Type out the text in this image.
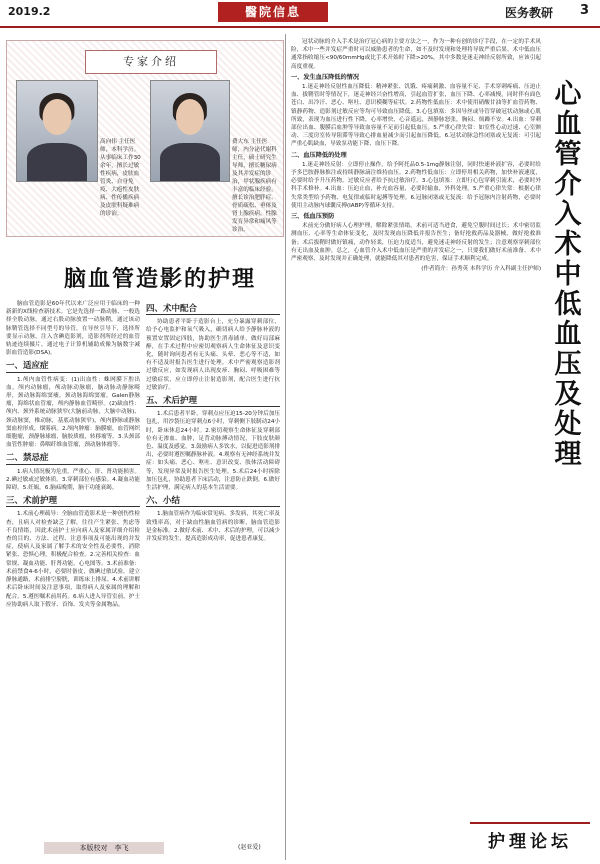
2019.2	醫院信息	医务教研 3
专家介绍
高向伟 主任医师，本科学历。从事临床工作30余年，擅长过敏性疾病，皮肤血管炎、自身免疫、大疱性皮肤病、性传播疾病及皮肤科疑难病的诊治。
费大东 主任医师，内分泌代谢科主任，硕士研究生导师，擅长糖尿病及其并发症的诊治，甲状腺疾病有丰富的临床经验，擅长诊治肥胖症、骨质疏松、垂体及肾上腺疾病，性腺发育异常和痛风等诊治。
脑血管造影的护理

脑血管造影是60年代以来广泛应用于临床的一种新新的X线检查新技术。它是先选择一路动脉，一般选择全股动脉，通过右股动脉放置一动脉鞘，通过该动脉鞘管选择不同型号的导管，在导丝引导下，选择所要显示动脉，注入含碘造影剂，造影剂所经过的血管轨迹连续摄片，通过电子计算机辅助成像为脑数字减影血管造影(DSA)。

一、适应症

1.颅内血管性病变：(1)出血性：蛛网膜下腔出血，颅内动脉瘤，颅动脉动脉瘤，脑动脉动静脉畸形，颈动脉海绵窦瘘，颈动脉海绵窦瘤，Galen静脉瘤，海绵状血管瘤，颅内静脉血管畸形。(2)缺血性：颅内、颈外系统动脉狭窄(大脑前动脉，大脑中动脉)、颈动脉窦，椎动脉，基底动脉狭窄)，颅内静脉或静脉窦血栓形成，烟雾病。2.颅内肿瘤：脑膜瘤，血管网织细胞瘤，颈静脉球瘤，脑胶质瘤，转移瘤等。3.头颈部血管性肿瘤：鼻咽纤维血管瘤，颈动脉体瘤等。

二、禁忌症

1.病人情况极为危重，严重心、肝、肾功能损害。2.碘过敏或过敏体质。3.穿刺部位有感染。4.凝血功能障碍。5.妊娠。6.脑疝晚期，脑干功能衰竭。

三、术前护理

1.术前心理疏导：全脑血管造影术是一种创伤性检查，且病人对检查缺乏了解，往往产生紧张、焦虑等不良情绪，因此术前护士应向病人及家属详细介绍检查的目的、方法、过程、注意事项及可能出现的并发症，使病人及家属了解手术的安全性及必要性，消除紧张、恐惧心理，积极配合检查。2.完善相关检查：血常规、凝血功能、肝肾功能、心电图等。3.术前准备：术前禁食4-6小时，必要时备皮，做碘过敏试验，建立静脉通路，术前排空膀胱，训练床上排尿。4.术前讲解术后卧床时间及注意事项，取得病人及家属的理解和配合。5.遵医嘱术前用药。6.病人进入导管室前，护士应协助病人取下假牙、首饰、发夹等金属物品。

四、术中配合

协助患者平卧于造影台上，充分暴露穿刺部位，给予心电监护和氧气吸入，确切病人给予静脉补液的预置安置固定四肢，协助医生消毒铺单，做好局部麻醉，在手术过程中应密切观察病人生命体征及意识变化，随时询问患者有无头痛、头晕、恶心等不适，如有不适及时报告医生进行处理。术中严密观察造影剂过敏反应，如发现病人出现皮疹、胸闷、呼吸困难等过敏症状，应立即停止注射造影剂，配合医生进行抗过敏治疗。

五、术后护理

1.术后患者平卧，穿刺点应压迫15-20分钟后加压包扎，用沙袋压迫穿刺点6小时，穿刺侧下肢制动24小时，卧床休息24小时。2.密切观察生命体征及穿刺部位有无渗血、血肿，足背动脉搏动情况，下肢皮肤颜色、温度及感觉。3.鼓励病人多饮水，以促进造影剂排出，必要时遵医嘱静脉补液。4.观察有无神经系统并发症：如头痛、恶心、呕吐、意识改变、肢体活动障碍等，发现异常及时报告医生处理。5.术后24小时拆除加压包扎，协助患者下床活动，注意防止跌倒。6.做好生活护理，满足病人的基本生活需要。

六、小结

1.脑血管病作为临床常见病、多发病，其死亡率及致残率高，对于缺血性脑血管病的诊断，脑血管造影是金标准。2.做好术前、术中、术后的护理，可以减少并发症的发生，提高造影成功率，促进患者康复。

(赵亚爱)
本版校对　李飞

冠状动脉的介入手术是治疗冠心病的主要方法之一，作为一种有创的诊疗手段，在一定的手术风险，术中一些并发症严重时可以威胁患者的生命，如不及时发现和处理将导致严重后果。术中低血压通常指收缩压<90/60mmHg或比手术开始时下降>20%，其中多数是迷走神经反射所致，应该引起高度重视。

一、发生血压降低的情况

1.迷走神经反射性血压降低：精神紧张、饥饿、疼痛刺激、血容量不足、手术穿刺疼痛、压迫止血、拔鞘管时等情况下，迷走神经兴奋性增高，引起血管扩张，血压下降、心率减慢，同时伴有面色苍白、出冷汗、恶心、呕吐、意识模糊等症状。2.药物性低血压：术中使用硝酸甘油等扩血管药物、镇静药物、造影剂过敏反应等均可导致血压降低。3.心包填塞：多因导丝或导管穿破冠状动脉或心肌所致，表现为血压进行性下降，心率增快，心音遥远，颈静脉怒张，胸闷、烦躁不安。4.出血：穿刺部位出血、腹膜后血肿等导致血容量不足而引起低血压。5.严重心律失常：如室性心动过速、心室颤动、三度房室传导阻滞等导致心排血量减少而引起血压降低。6.冠状动脉急性闭塞或无复流：可引起严重心肌缺血，导致泵功能下降，血压下降。

二、血压降低的处理

1.迷走神经反射：立即停止操作，给予阿托品0.5-1mg静脉注射，同时快速补液扩容，必要时给予多巴胺静脉推注或持续静脉滴注维持血压。2.药物性低血压：立即停用相关药物，加快补液速度，必要时给予升压药物。过敏反应者给予抗过敏治疗。3.心包填塞：立即行心包穿刺引流术，必要时外科手术修补。4.出血：压迫止血，补充血容量，必要时输血，外科处理。5.严重心律失常：根据心律失常类型给予药物、电复律或临时起搏等处理。6.冠脉闭塞或无复流：给予冠脉内注射药物，必要时使用主动脉内球囊反搏(IABP)等循环支持。

三、低血压预防

术前充分做好病人心理护理，解除紧张情绪，术前可适当进食，避免空腹时间过长；术中密切监测血压、心率等生命体征变化，及时发现血压降低并报告医生；备好抢救药品及器械，做好抢救准备；术后拔鞘时做好镇痛，动作轻柔，压迫力度适当，避免迷走神经反射的发生；注意观察穿刺部位有无出血及血肿。总之，心血管介入术中低血压是严重的并发症之一，只要我们做好术前准备、术中严密观察、及时发现并正确处理，就能降低其对患者的危害，保证手术顺利完成。

(作者简介：孙秀英 本科学历 介入科副主任护师)

心血管介入术中低血压及处理
护理论坛
